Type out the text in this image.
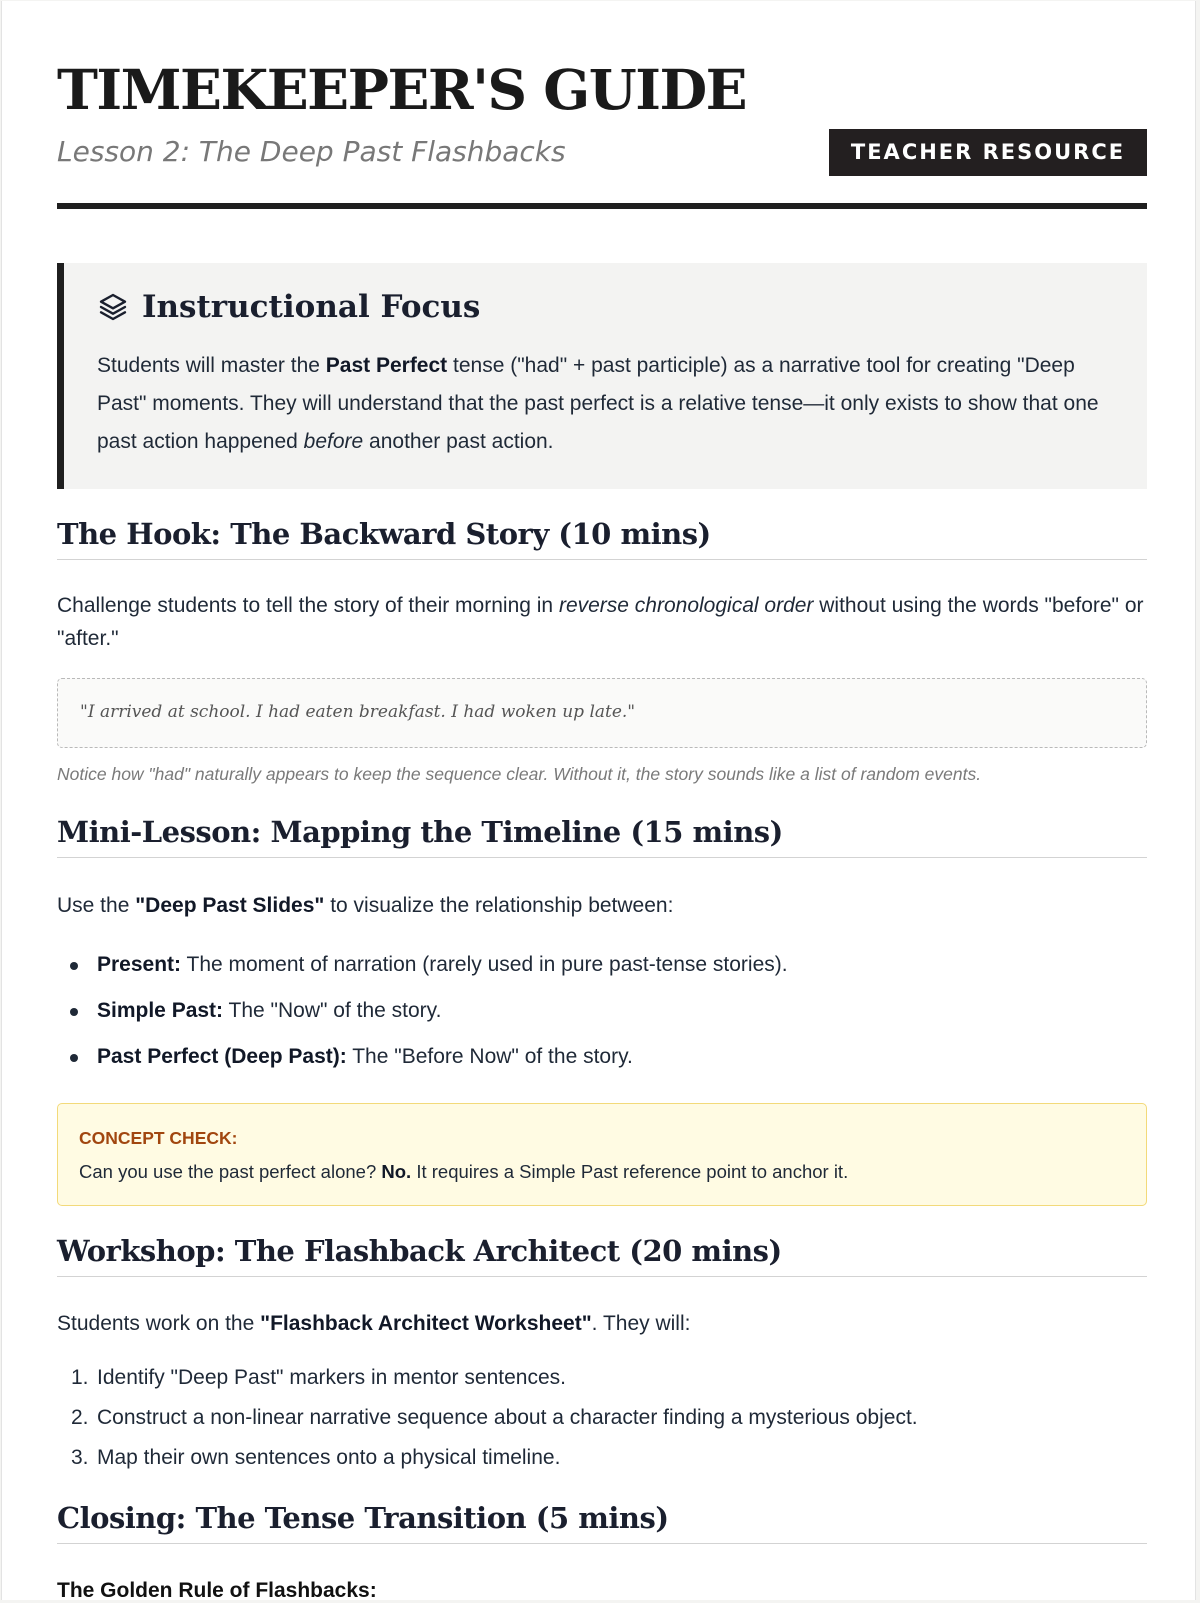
TIMEKEEPER'S GUIDE
Lesson 2: The Deep Past Flashbacks	TEACHER RESOURCE
Instructional Focus

Students will master the Past Perfect tense ("had" + past participle) as a narrative tool for creating "Deep Past" moments. They will understand that the past perfect is a relative tense—it only exists to show that one past action happened before another past action.

The Hook: The Backward Story (10 mins)

Challenge students to tell the story of their morning in reverse chronological order without using the words "before" or "after."

"I arrived at school. I had eaten breakfast. I had woken up late."
Notice how "had" naturally appears to keep the sequence clear. Without it, the story sounds like a list of random events.
Mini-Lesson: Mapping the Timeline (15 mins)

Use the "Deep Past Slides" to visualize the relationship between:

Present: The moment of narration (rarely used in pure past-tense stories).
Simple Past: The "Now" of the story.
Past Perfect (Deep Past): The "Before Now" of the story.
CONCEPT CHECK:
Can you use the past perfect alone? No. It requires a Simple Past reference point to anchor it.
Workshop: The Flashback Architect (20 mins)

Students work on the "Flashback Architect Worksheet". They will:

1. Identify "Deep Past" markers in mentor sentences.
2. Construct a non-linear narrative sequence about a character finding a mysterious object.
3. Map their own sentences onto a physical timeline.
Closing: The Tense Transition (5 mins)
The Golden Rule of Flashbacks:
